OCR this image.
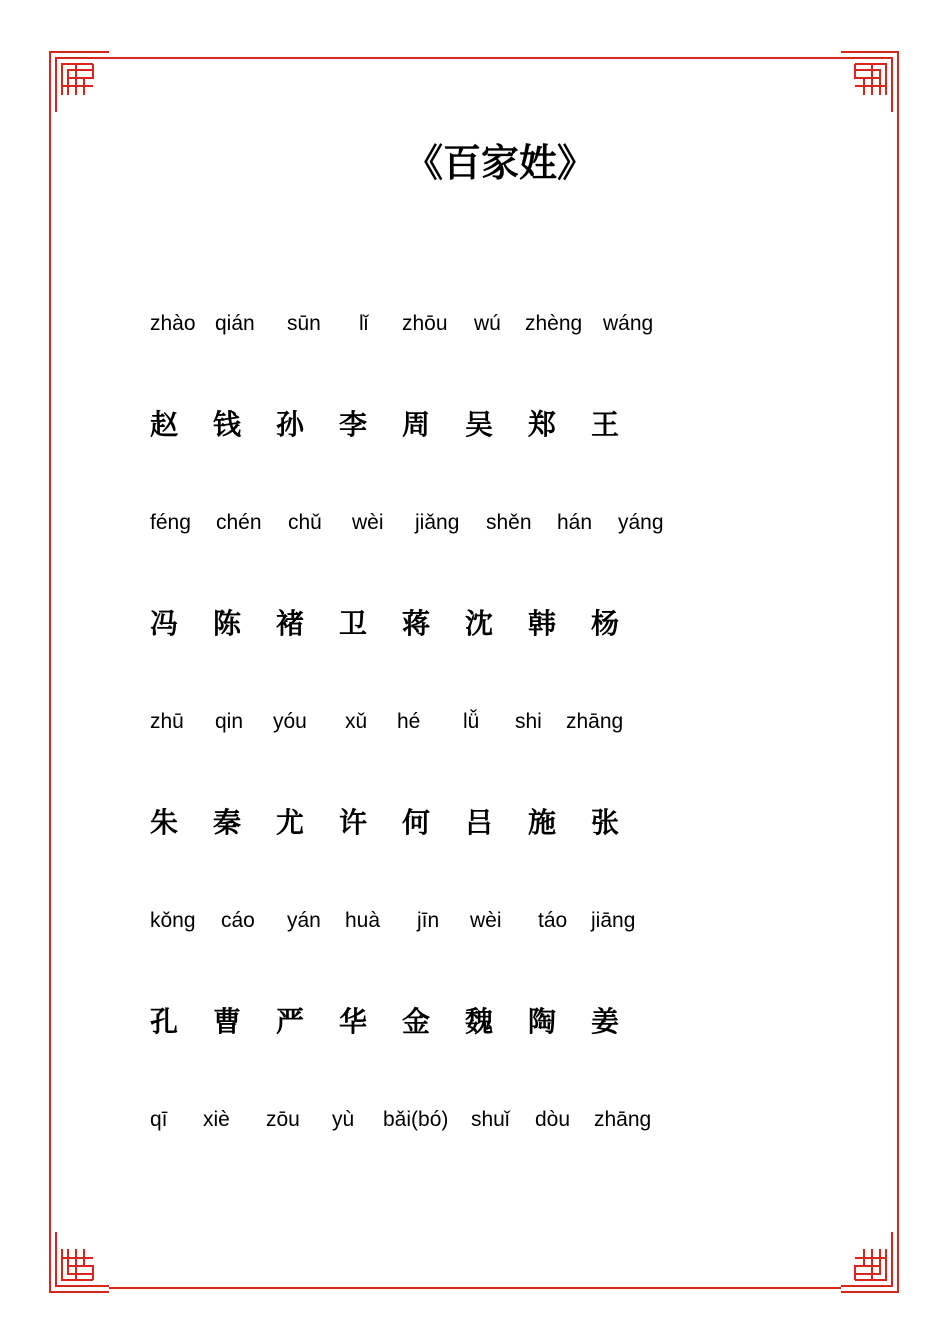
《百家姓》
zhào qián sūn lǐ zhōu wú zhèng wáng
赵 钱 孙 李 周 吴 郑 王
féng chén chǔ wèi jiǎng shěn hán yáng
冯 陈 褚 卫 蒋 沈 韩 杨
zhū qin yóu xǔ hé lǚ shi zhāng
朱 秦 尤 许 何 吕 施 张
kǒng cáo yán huà jīn wèi táo jiāng
孔 曹 严 华 金 魏 陶 姜
qī xiè zōu yù bǎi(bó) shuǐ dòu zhāng
